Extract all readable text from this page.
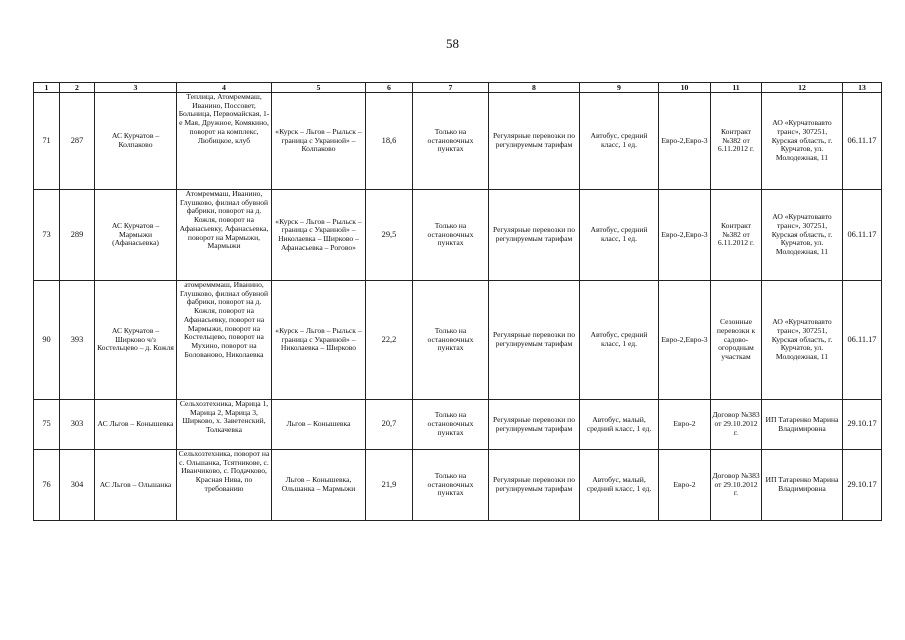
58
1	2	3	4	5	6	7	8	9	10	11	12	13
71	287	АС Курчатов – Колпаково	Теплица, Атомреммаш, Иванино, Поссовет, Больница, Первомайская, 1-е Мая, Дружное, Комякино, поворот на комплекс, Любицкое, клуб	«Курск – Льгов – Рыльск – граница с Украиной» – Колпаково	18,6	Только на остановочных пунктах	Регулярные перевозки по регулируемым тарифам	Автобус, средний класс, 1 ед.	Евро-2,Евро-3	Контракт №382 от 6.11.2012 г.	АО «Курчатовавто транс», 307251, Курская область, г. Курчатов, ул. Молодежная, 11	06.11.17
73	289	АС Курчатов – Мармыжи (Афанасьевка)	Атомреммаш, Иванино, Глушково, филиал обувной фабрики, поворот на д. Кожля, поворот на Афанасьевку, Афанасьевка, поворот на Мармыжи, Мармыжи	«Курск – Льгов – Рыльск – граница с Украиной» – Николаевка – Ширково – Афанасьевка – Рогово»	29,5	Только на остановочных пунктах	Регулярные перевозки по регулируемым тарифам	Автобус, средний класс, 1 ед.	Евро-2,Евро-3	Контракт №382 от 6.11.2012 г.	АО «Курчатовавто транс», 307251, Курская область, г. Курчатов, ул. Молодежная, 11	06.11.17
90	393	АС Курчатов – Ширково ч/з Костельцево – д. Кожля	атомремммаш, Иванино, Глушково, филиал обувной фабрики, поворот на д. Кожля, поворот на Афанасьевку, поворот на Мармыжи, поворот на Костельцево, поворот на Мухино, поворот на Болованово, Николаевка	«Курск – Льгов – Рыльск – граница с Украиной» – Николаевка – Ширково	22,2	Только на остановочных пунктах	Регулярные перевозки по регулируемым тарифам	Автобус, средний класс, 1 ед.	Евро-2,Евро-3	Сезонные перевозки к садово-огородным участкам	АО «Курчатовавто транс», 307251, Курская область, г. Курчатов, ул. Молодежная, 11	06.11.17
75	303	АС Льгов – Конышевка	Сельхозтехника, Марица 1, Марица 2, Марица 3, Ширково, х. Заветенский, Толкачевка	Льгов – Конышевка	20,7	Только на остановочных пунктах	Регулярные перевозки по регулируемым тарифам	Автобус, малый, средний класс, 1 ед.	Евро-2	Договор №383 от 29.10.2012 г.	ИП Татаренко Марина Владимировна	29.10.17
76	304	АС Льгов – Ольшанка	Сельхозтехника, поворот на с. Ольшанка, Тсятникове, с. Иванчиково, с. Подачково, Красная Нива, по требованию	Льгов – Конышевка, Ольшанка – Мармыжи	21,9	Только на остановочных пунктах	Регулярные перевозки по регулируемым тарифам	Автобус, малый, средний класс, 1 ед.	Евро-2	Договор №383 от 29.10.2012 г.	ИП Татаренко Марина Владимировна	29.10.17
